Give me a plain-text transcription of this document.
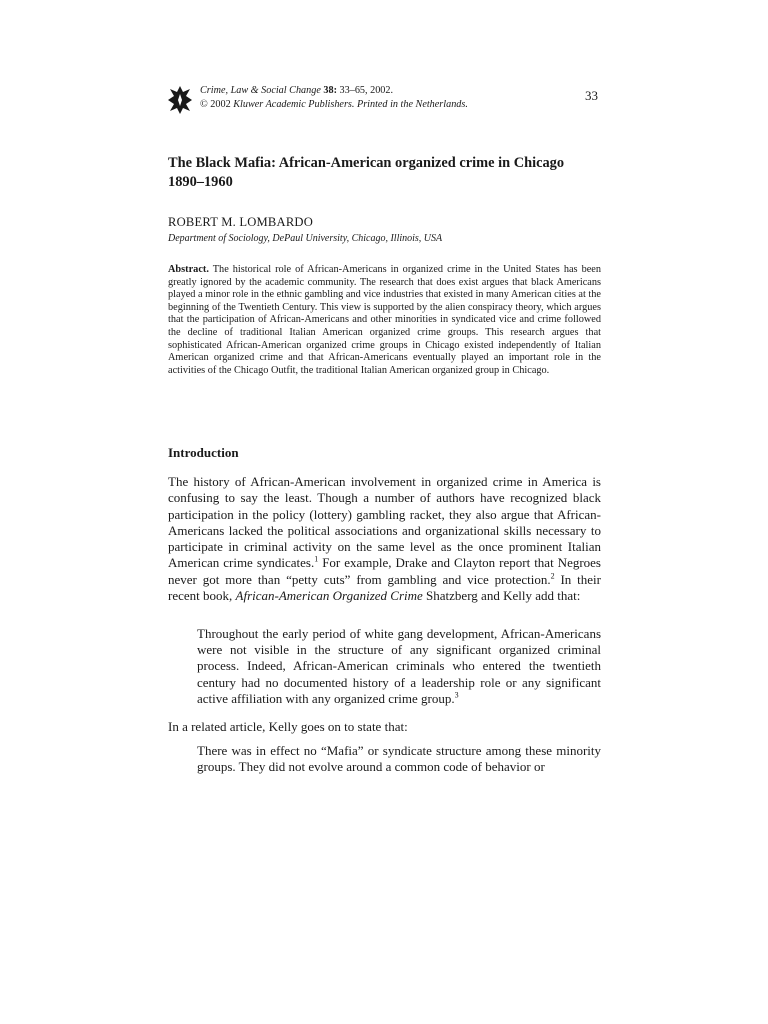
Crime, Law & Social Change 38: 33–65, 2002.
© 2002 Kluwer Academic Publishers. Printed in the Netherlands.
33
The Black Mafia: African-American organized crime in Chicago
1890–1960
ROBERT M. LOMBARDO
Department of Sociology, DePaul University, Chicago, Illinois, USA
Abstract. The historical role of African-Americans in organized crime in the United States has been greatly ignored by the academic community. The research that does exist argues that black Americans played a minor role in the ethnic gambling and vice industries that existed in many American cities at the beginning of the Twentieth Century. This view is supported by the alien conspiracy theory, which argues that the participation of African-Americans and other minorities in syndicated vice and crime followed the decline of traditional Italian American organized crime groups. This research argues that sophisticated African-American organized crime groups in Chicago existed independently of Italian American organized crime and that African-Americans eventually played an important role in the activities of the Chicago Outfit, the traditional Italian American organized group in Chicago.
Introduction
The history of African-American involvement in organized crime in America is confusing to say the least. Though a number of authors have recognized black participation in the policy (lottery) gambling racket, they also argue that African-Americans lacked the political associations and organizational skills necessary to participate in criminal activity on the same level as the once prominent Italian American crime syndicates.$^1$ For example, Drake and Clayton report that Negroes never got more than “petty cuts” from gambling and vice protection.$^2$ In their recent book, African-American Organized Crime Shatzberg and Kelly add that:
Throughout the early period of white gang development, African-Americans were not visible in the structure of any significant organized criminal process. Indeed, African-American criminals who entered the twentieth century had no documented history of a leadership role or any significant active affiliation with any organized crime group.$^3$
In a related article, Kelly goes on to state that:
There was in effect no “Mafia” or syndicate structure among these minority groups. They did not evolve around a common code of behavior or
